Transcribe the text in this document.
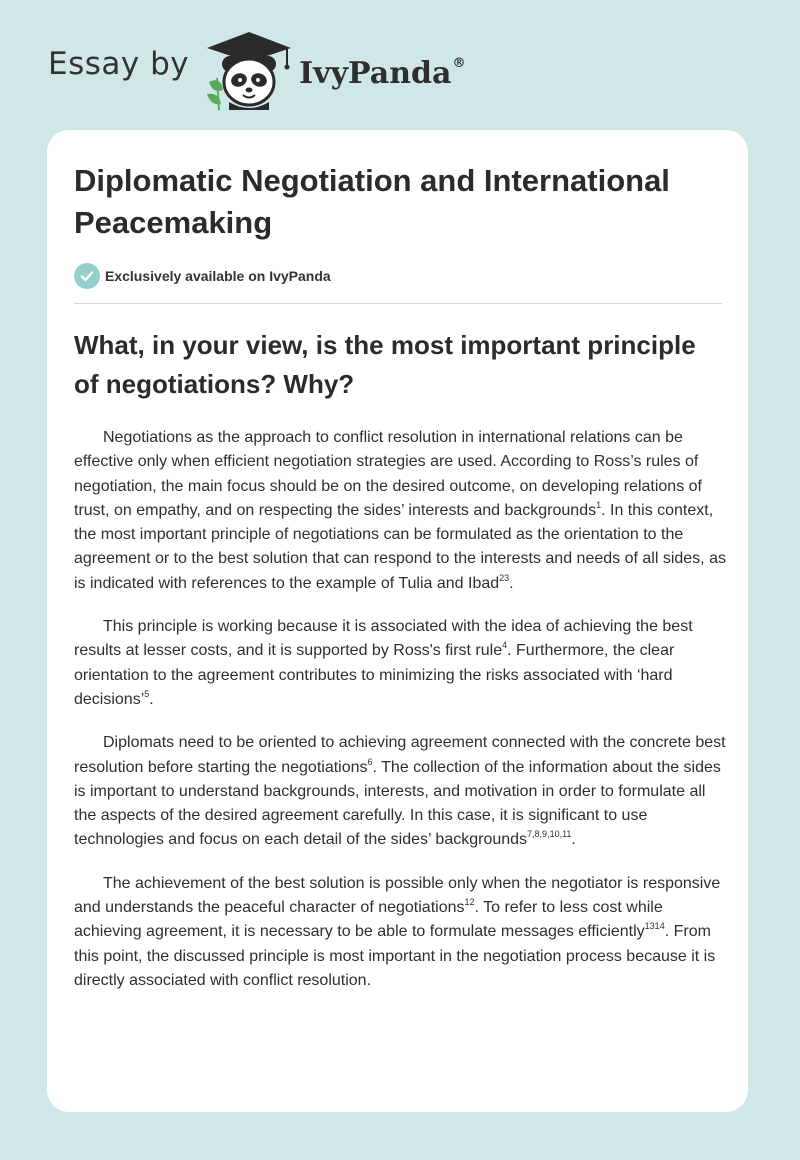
Essay by	IvyPanda®
Diplomatic Negotiation and International Peacemaking
Exclusively available on IvyPanda
What, in your view, is the most important principle of negotiations? Why?

Negotiations as the approach to conflict resolution in international relations can be effective only when efficient negotiation strategies are used. According to Ross’s rules of negotiation, the main focus should be on the desired outcome, on developing relations of trust, on empathy, and on respecting the sides’ interests and backgrounds$^1$. In this context, the most important principle of negotiations can be formulated as the orientation to the agreement or to the best solution that can respond to the interests and needs of all sides, as is indicated with references to the example of Tulia and Ibad$^{23}$.

This principle is working because it is associated with the idea of achieving the best results at lesser costs, and it is supported by Ross's first rule$^4$. Furthermore, the clear orientation to the agreement contributes to minimizing the risks associated with ‘hard decisions’$^5$.

Diplomats need to be oriented to achieving agreement connected with the concrete best resolution before starting the negotiations$^6$. The collection of the information about the sides is important to understand backgrounds, interests, and motivation in order to formulate all the aspects of the desired agreement carefully. In this case, it is significant to use technologies and focus on each detail of the sides’ backgrounds$^{7,8,9,10,11}$.

The achievement of the best solution is possible only when the negotiator is responsive and understands the peaceful character of negotiations$^{12}$. To refer to less cost while achieving agreement, it is necessary to be able to formulate messages efficiently$^{1314}$. From this point, the discussed principle is most important in the negotiation process because it is directly associated with conflict resolution.
